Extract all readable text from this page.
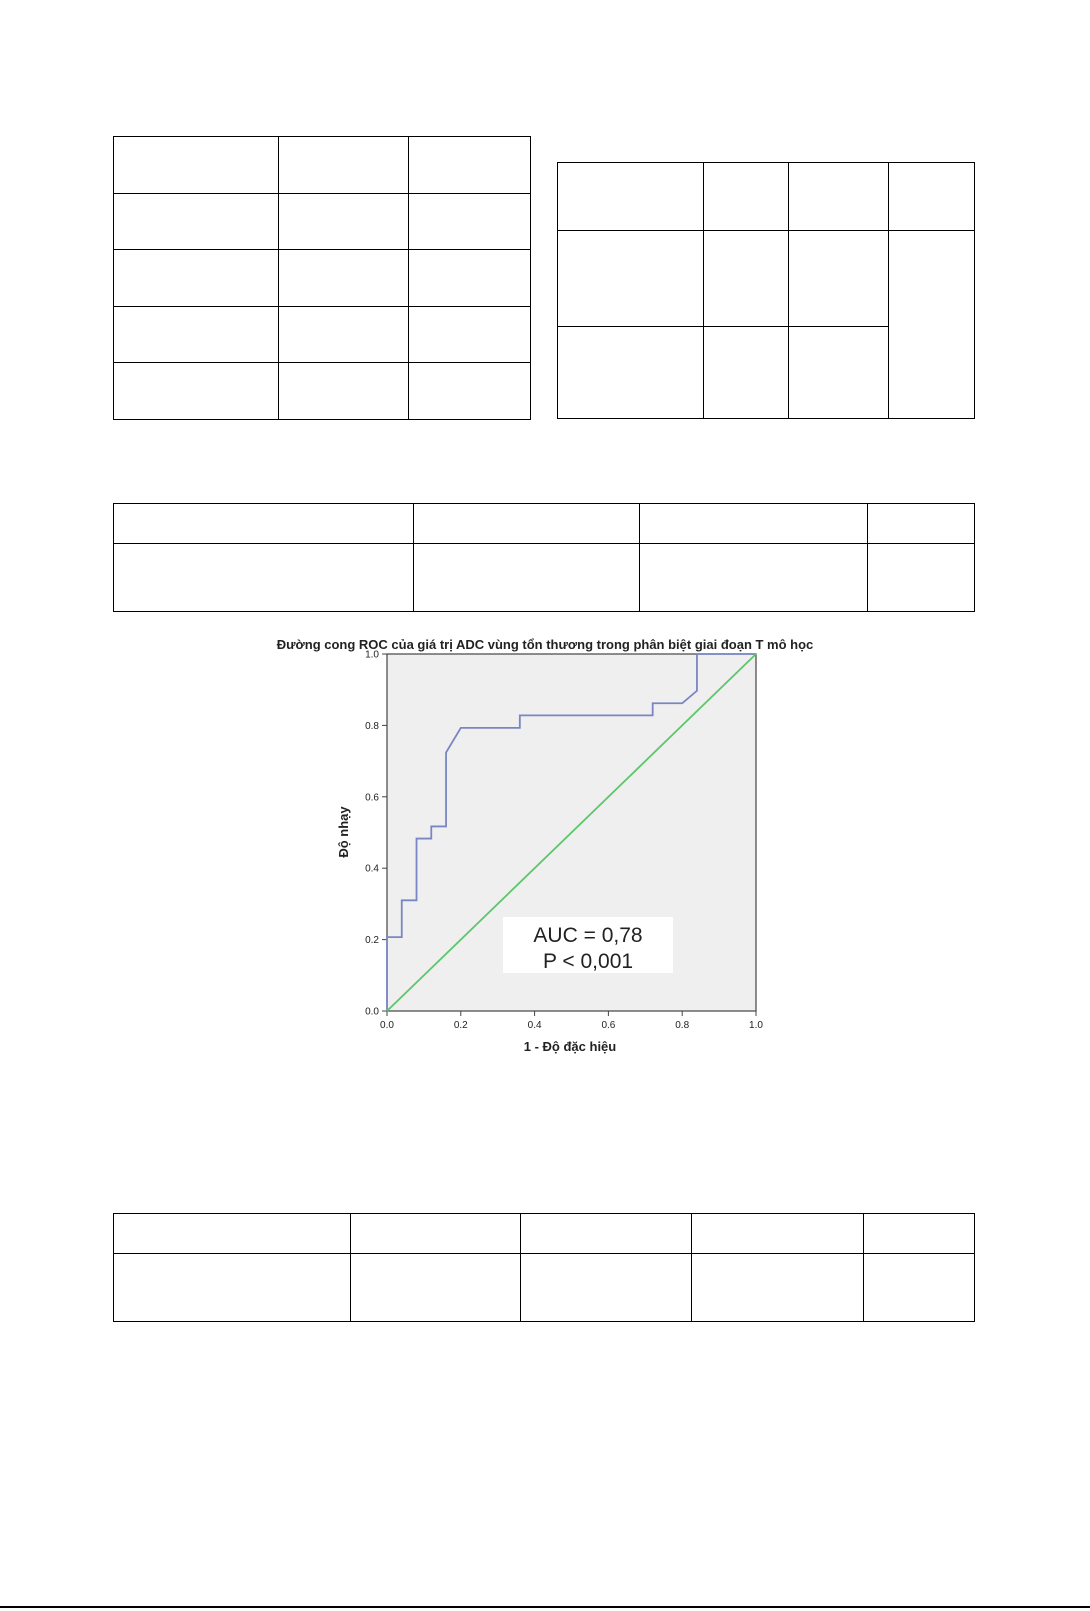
Đường cong ROC của giá trị ADC vùng tổn thương trong phân biệt giai đoạn T mô học
0.0	0.2	0.4	0.6	0.8	1.0
0.0
0.2
0.4
0.6
0.8
1.0
AUC = 0,78
P < 0,001
1 - Độ đặc hiệu
Độ nhạy
